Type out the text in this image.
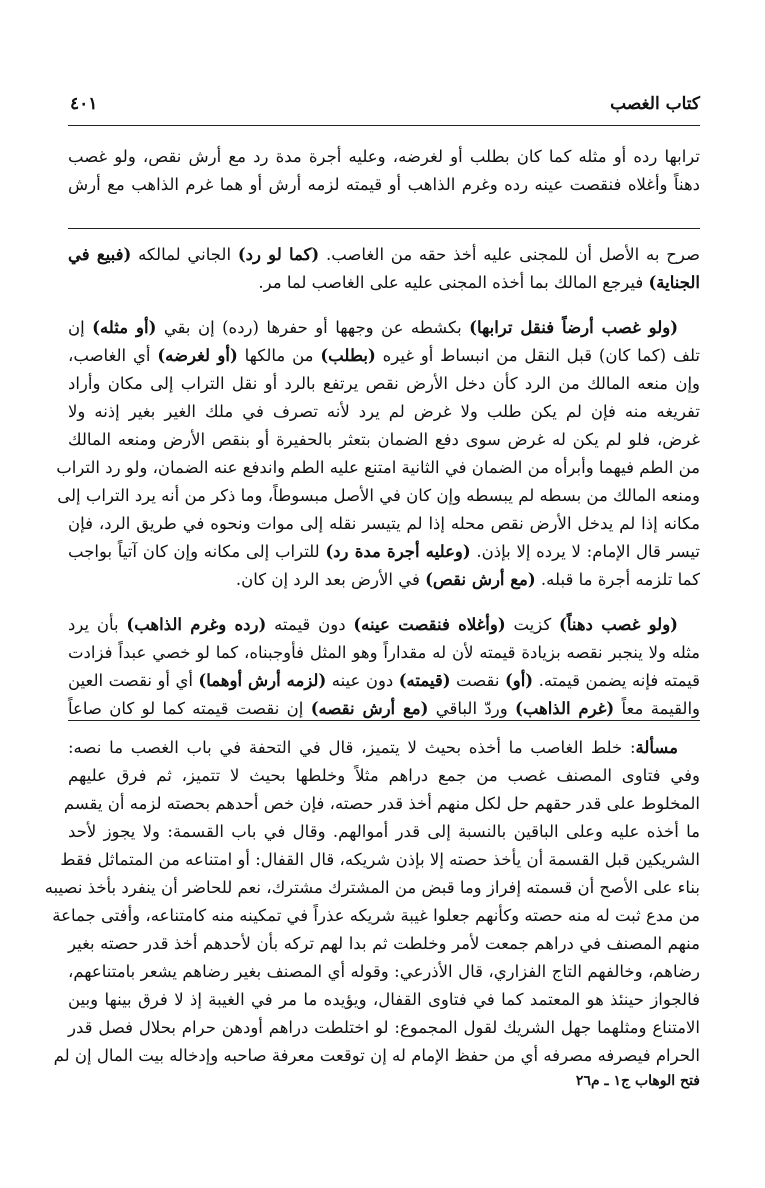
كتاب الغصب
٤٠١
ترابها رده أو مثله كما كان بطلب أو لغرضه، وعليه أجرة مدة رد مع أرش نقص، ولو غصب
دهناً وأغلاه فنقصت عينه رده وغرم الذاهب أو قيمته لزمه أرش أو هما غرم الذاهب مع أرش
صرح به الأصل أن للمجنى عليه أخذ حقه من الغاصب. (كما لو رد) الجاني لمالكه (فبيع في
الجناية) فيرجع المالك بما أخذه المجنى عليه على الغاصب لما مر.
(ولو غصب أرضاً فنقل ترابها) بكشطه عن وجهها أو حفرها (رده) إن بقي (أو مثله) إن
تلف (كما كان) قبل النقل من انبساط أو غيره (بطلب) من مالكها (أو لغرضه) أي الغاصب،
وإن منعه المالك من الرد كأن دخل الأرض نقص يرتفع بالرد أو نقل التراب إلى مكان وأراد
تفريغه منه فإن لم يكن طلب ولا غرض لم يرد لأنه تصرف في ملك الغير بغير إذنه ولا
غرض، فلو لم يكن له غرض سوى دفع الضمان بتعثر بالحفيرة أو بنقص الأرض ومنعه المالك
من الطم فيهما وأبرأه من الضمان في الثانية امتنع عليه الطم واندفع عنه الضمان، ولو رد التراب
ومنعه المالك من بسطه لم يبسطه وإن كان في الأصل مبسوطاً، وما ذكر من أنه يرد التراب إلى
مكانه إذا لم يدخل الأرض نقص محله إذا لم يتيسر نقله إلى موات ونحوه في طريق الرد، فإن
تيسر قال الإمام: لا يرده إلا بإذن. (وعليه أجرة مدة رد) للتراب إلى مكانه وإن كان آتياً بواجب
كما تلزمه أجرة ما قبله. (مع أرش نقص) في الأرض بعد الرد إن كان.
(ولو غصب دهناً) كزيت (وأغلاه فنقصت عينه) دون قيمته (رده وغرم الذاهب) بأن يرد
مثله ولا ينجبر نقصه بزيادة قيمته لأن له مقداراً وهو المثل فأوجبناه، كما لو خصي عبداً فزادت
قيمته فإنه يضمن قيمته. (أو) نقصت (قيمته) دون عينه (لزمه أرش أوهما) أي أو نقصت العين
والقيمة معاً (غرم الذاهب) وردّ الباقي (مع أرش نقصه) إن نقصت قيمته كما لو كان صاعاً
مسألة: خلط الغاصب ما أخذه بحيث لا يتميز، قال في التحفة في باب الغصب ما نصه:
وفي فتاوى المصنف غصب من جمع دراهم مثلاً وخلطها بحيث لا تتميز، ثم فرق عليهم
المخلوط على قدر حقهم حل لكل منهم أخذ قدر حصته، فإن خص أحدهم بحصته لزمه أن يقسم
ما أخذه عليه وعلى الباقين بالنسبة إلى قدر أموالهم. وقال في باب القسمة: ولا يجوز لأحد
الشريكين قبل القسمة أن يأخذ حصته إلا بإذن شريكه، قال القفال: أو امتناعه من المتماثل فقط
بناء على الأصح أن قسمته إفراز وما قبض من المشترك مشترك، نعم للحاضر أن ينفرد بأخذ نصيبه
من مدع ثبت له منه حصته وكأنهم جعلوا غيبة شريكه عذراً في تمكينه منه كامتناعه، وأفتى جماعة
منهم المصنف في دراهم جمعت لأمر وخلطت ثم بدا لهم تركه بأن لأحدهم أخذ قدر حصته بغير
رضاهم، وخالفهم التاج الفزاري، قال الأذرعي: وقوله أي المصنف بغير رضاهم يشعر بامتناعهم،
فالجواز حينئذ هو المعتمد كما في فتاوى القفال، ويؤيده ما مر في الغيبة إذ لا فرق بينها وبين
الامتناع ومثلهما جهل الشريك لقول المجموع: لو اختلطت دراهم أودهن حرام بحلال فصل قدر
الحرام فيصرفه مصرفه أي من حفظ الإمام له إن توقعت معرفة صاحبه وإدخاله بيت المال إن لم
فتح الوهاب ج١ ـ م٢٦
